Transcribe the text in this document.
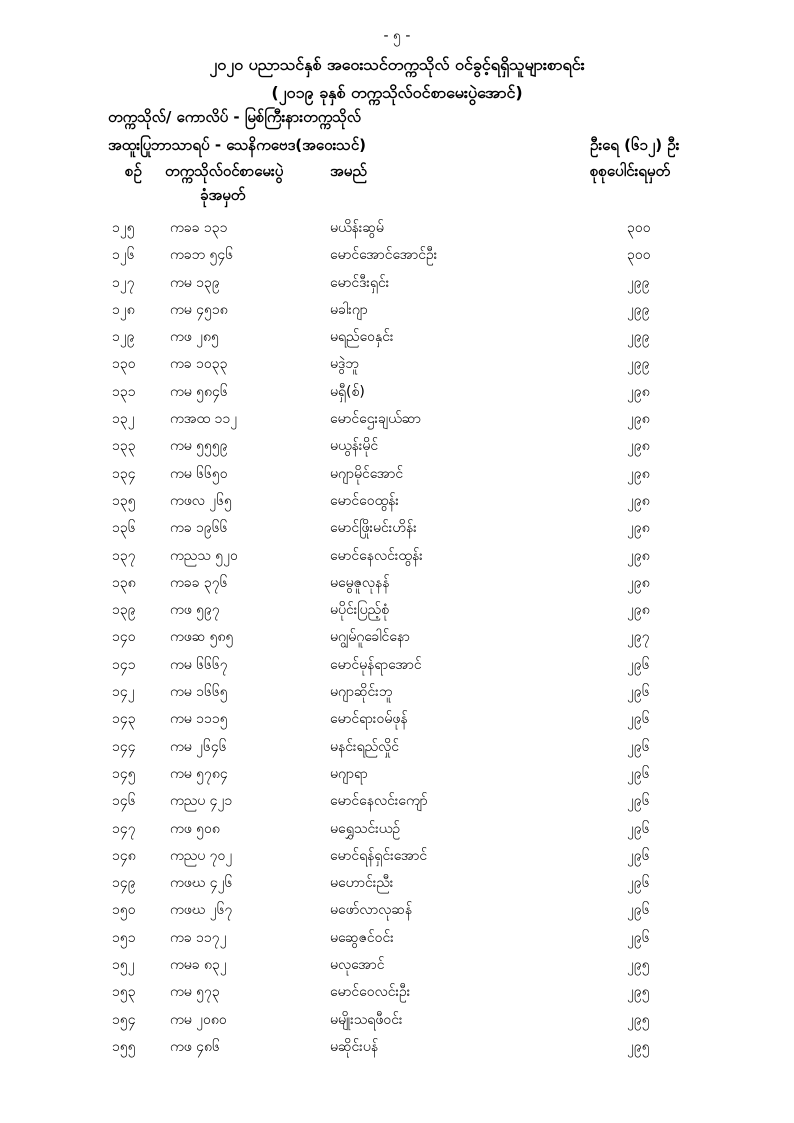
- ၅ -
၂၀၂၀ ပညာသင်နှစ် အဝေးသင်တက္ကသိုလ် ဝင်ခွင့်ရရှိသူများစာရင်း
(၂၀၁၉ ခုနှစ် တက္ကသိုလ်ဝင်စာမေးပွဲအောင်)
တက္ကသိုလ်/ ကောလိပ် - မြစ်ကြီးနားတက္ကသိုလ်
အထူးပြုဘာသာရပ် - သေနိကဗေဒ(အဝေးသင်)	ဦးရေ (၆၁၂) ဦး
စဉ် တက္ကသိုလ်ဝင်စာမေးပွဲ
ခုံအမှတ်
အမည်	စုစုပေါင်းရမှတ်
၁၂၅	ကခခ ၁၃၁	မယိန်းဆွမ်	၃၀၀
၁၂၆	ကခဘ ၅၄၆	မောင်အောင်အောင်ဦး	၃၀၀
၁၂၇	ကမ ၁၃၉	မောင်ဒီးရှင်း	၂၉၉
၁၂၈	ကမ ၄၅၁၈	မခါးဂျာ	၂၉၉
၁၂၉	ကဖ ၂၈၅	မရည်ဝေနှင်း	၂၉၉
၁၃၀ ကခ ၁၀၃၃	မဒွဲဘူ	၂၉၉
၁၃၁ ကမ ၅၈၄၆	မရှီ(စ်)	၂၉၈
၁၃၂	ကအထ ၁၁၂	မောင်ဌေးချယ်ဆာ	၂၉၈
၁၃၃ ကမ ၅၅၅၉	မယွန်းမိုင်	၂၉၈
၁၃၄ ကမ ၆၆၅၀	မဂျာမိုင်အောင်	၂၉၈
၁၃၅ ကဖလ ၂၆၅	မောင်ဝေထွန်း	၂၉၈
၁၃၆ ကခ ၁၉၆၆	မောင်ဖြိုးမင်းဟိန်း	၂၉၈
၁၃၇ ကညသ ၅၂၀	မောင်နေလင်းထွန်း	၂၉၈
၁၃၈ ကခခ ၃၇၆	မမွေဇူလုနန်	၂၉၈
၁၃၉ ကဖ ၅၉၇	မပိုင်းပြည့်စုံ	၂၉၈
၁၄၀ ကဖဆ ၅၈၅	မဂျွမ်ဂူခေါင်နော	၂၉၇
၁၄၁ ကမ ၆၆၆၇	မောင်မုန်ရာအောင်	၂၉၆
၁၄၂	ကမ ၁၆၆၅	မဂျာဆိုင်းဘူ	၂၉၆
၁၄၃ ကမ ၁၁၁၅	မောင်ရားဝမ်ဖုန်	၂၉၆
၁၄၄ ကမ ၂၆၄၆	မနင်းရည်လှိုင်	၂၉၆
၁၄၅ ကမ ၅၇၈၄	မဂျာရာ	၂၉၆
၁၄၆ ကညပ ၄၂၁	မောင်နေလင်းကျော်	၂၉၆
၁၄၇ ကဖ ၅၀၈	မရွှေသင်းယဉ်	၂၉၆
၁၄၈ ကညပ ၇၀၂	မောင်ရန်ရှင်းအောင်	၂၉၆
၁၄၉ ကဖဃ ၄၂၆	မဟောင်းညီး	၂၉၆
၁၅၀ ကဖဃ ၂၆၇	မဖော်လာလုဆန်	၂၉၆
၁၅၁ ကခ ၁၁၇၂	မဆွေဇင်ဝင်း	၂၉၆
၁၅၂	ကမခ ၈၃၂	မလုအောင်	၂၉၅
၁၅၃ ကမ ၅၇၃	မောင်ဝေလင်းဦး	၂၉၅
၁၅၄ ကမ ၂၀၈၀	မမျိုးသရဖီဝင်း	၂၉၅
၁၅၅ ကဖ ၄၈၆	မဆိုင်းပန်	၂၉၅
